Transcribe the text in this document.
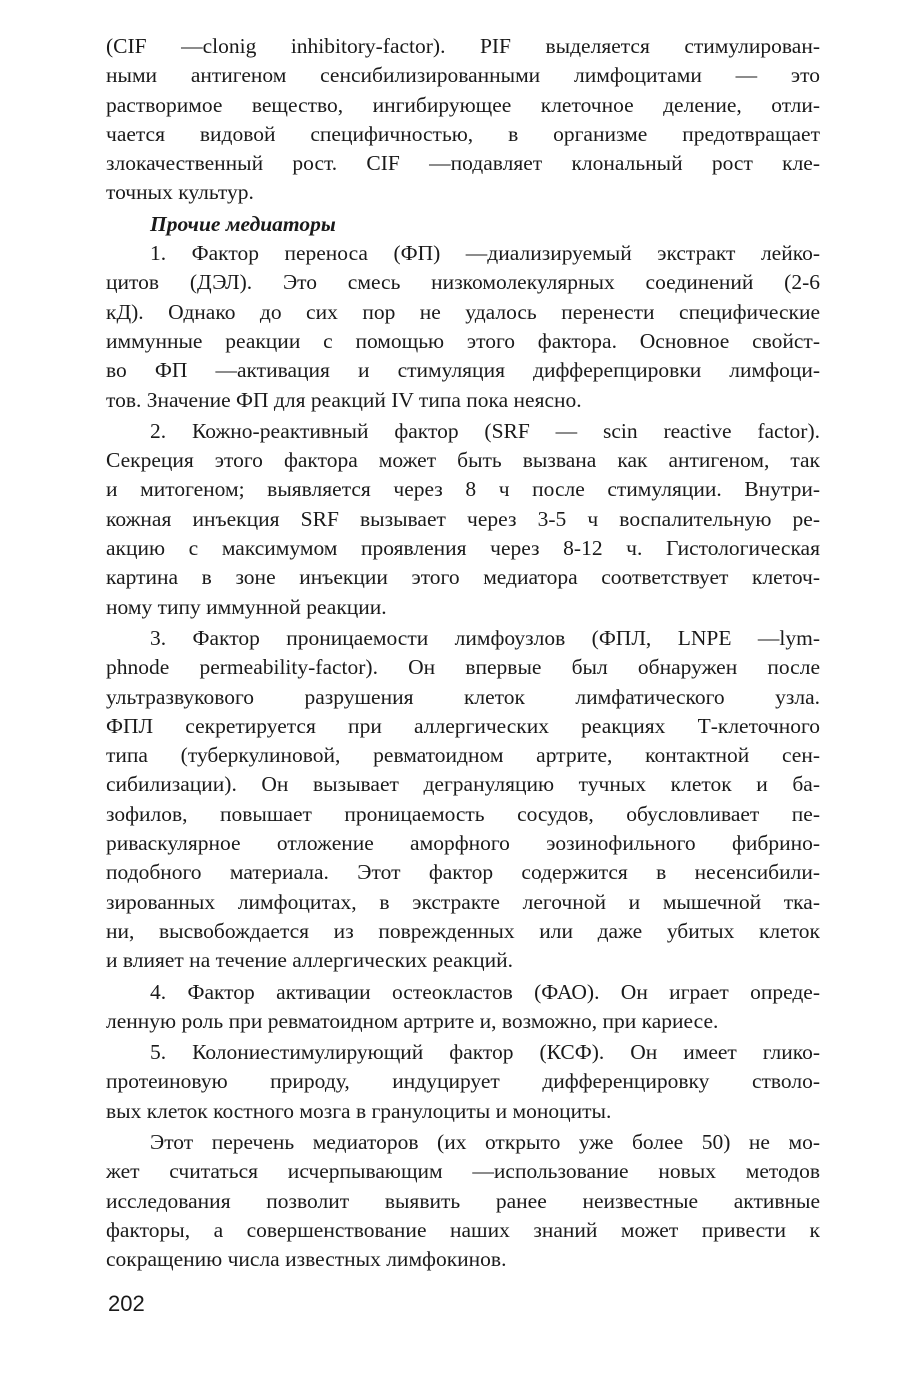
(CIF —clonig inhibitory-factor). PIF выделяется стимулирован-
ными антигеном сенсибилизированными лимфоцитами — это
растворимое вещество, ингибирующее клеточное деление, отли-
чается видовой специфичностью, в организме предотвращает
злокачественный рост. CIF —подавляет клональный рост кле-
точных культур.
Прочие медиаторы
1. Фактор переноса (ФП) —диализируемый экстракт лейко-
цитов (ДЭЛ). Это смесь низкомолекулярных соединений (2-6
кД). Однако до сих пор не удалось перенести специфические
иммунные реакции с помощью этого фактора. Основное свойст-
во ФП —активация и стимуляция дифферепцировки лимфоци-
тов. Значение ФП для реакций IV типа пока неясно.
2. Кожно-реактивный фактор (SRF — scin reactive factor).
Секреция этого фактора может быть вызвана как антигеном, так
и митогеном; выявляется через 8 ч после стимуляции. Внутри-
кожная инъекция SRF вызывает через 3-5 ч воспалительную ре-
акцию с максимумом проявления через 8-12 ч. Гистологическая
картина в зоне инъекции этого медиатора соответствует клеточ-
ному типу иммунной реакции.
3. Фактор проницаемости лимфоузлов (ФПЛ, LNPE —lym-
phnode permeability-factor). Он впервые был обнаружен после
ультразвукового разрушения клеток лимфатического узла.
ФПЛ секретируется при аллергических реакциях Т-клеточного
типа (туберкулиновой, ревматоидном артрите, контактной сен-
сибилизации). Он вызывает дегрануляцию тучных клеток и ба-
зофилов, повышает проницаемость сосудов, обусловливает пе-
риваскулярное отложение аморфного эозинофильного фибрино-
подобного материала. Этот фактор содержится в несенсибили-
зированных лимфоцитах, в экстракте легочной и мышечной тка-
ни, высвобождается из поврежденных или даже убитых клеток
и влияет на течение аллергических реакций.
4. Фактор активации остеокластов (ФАО). Он играет опреде-
ленную роль при ревматоидном артрите и, возможно, при кариесе.
5. Колониестимулирующий фактор (КСФ). Он имеет глико-
протеиновую природу, индуцирует дифференцировку стволо-
вых клеток костного мозга в гранулоциты и моноциты.
Этот перечень медиаторов (их открыто уже более 50) не мо-
жет считаться исчерпывающим —использование новых методов
исследования позволит выявить ранее неизвестные активные
факторы, а совершенствование наших знаний может привести к
сокращению числа известных лимфокинов.
202
